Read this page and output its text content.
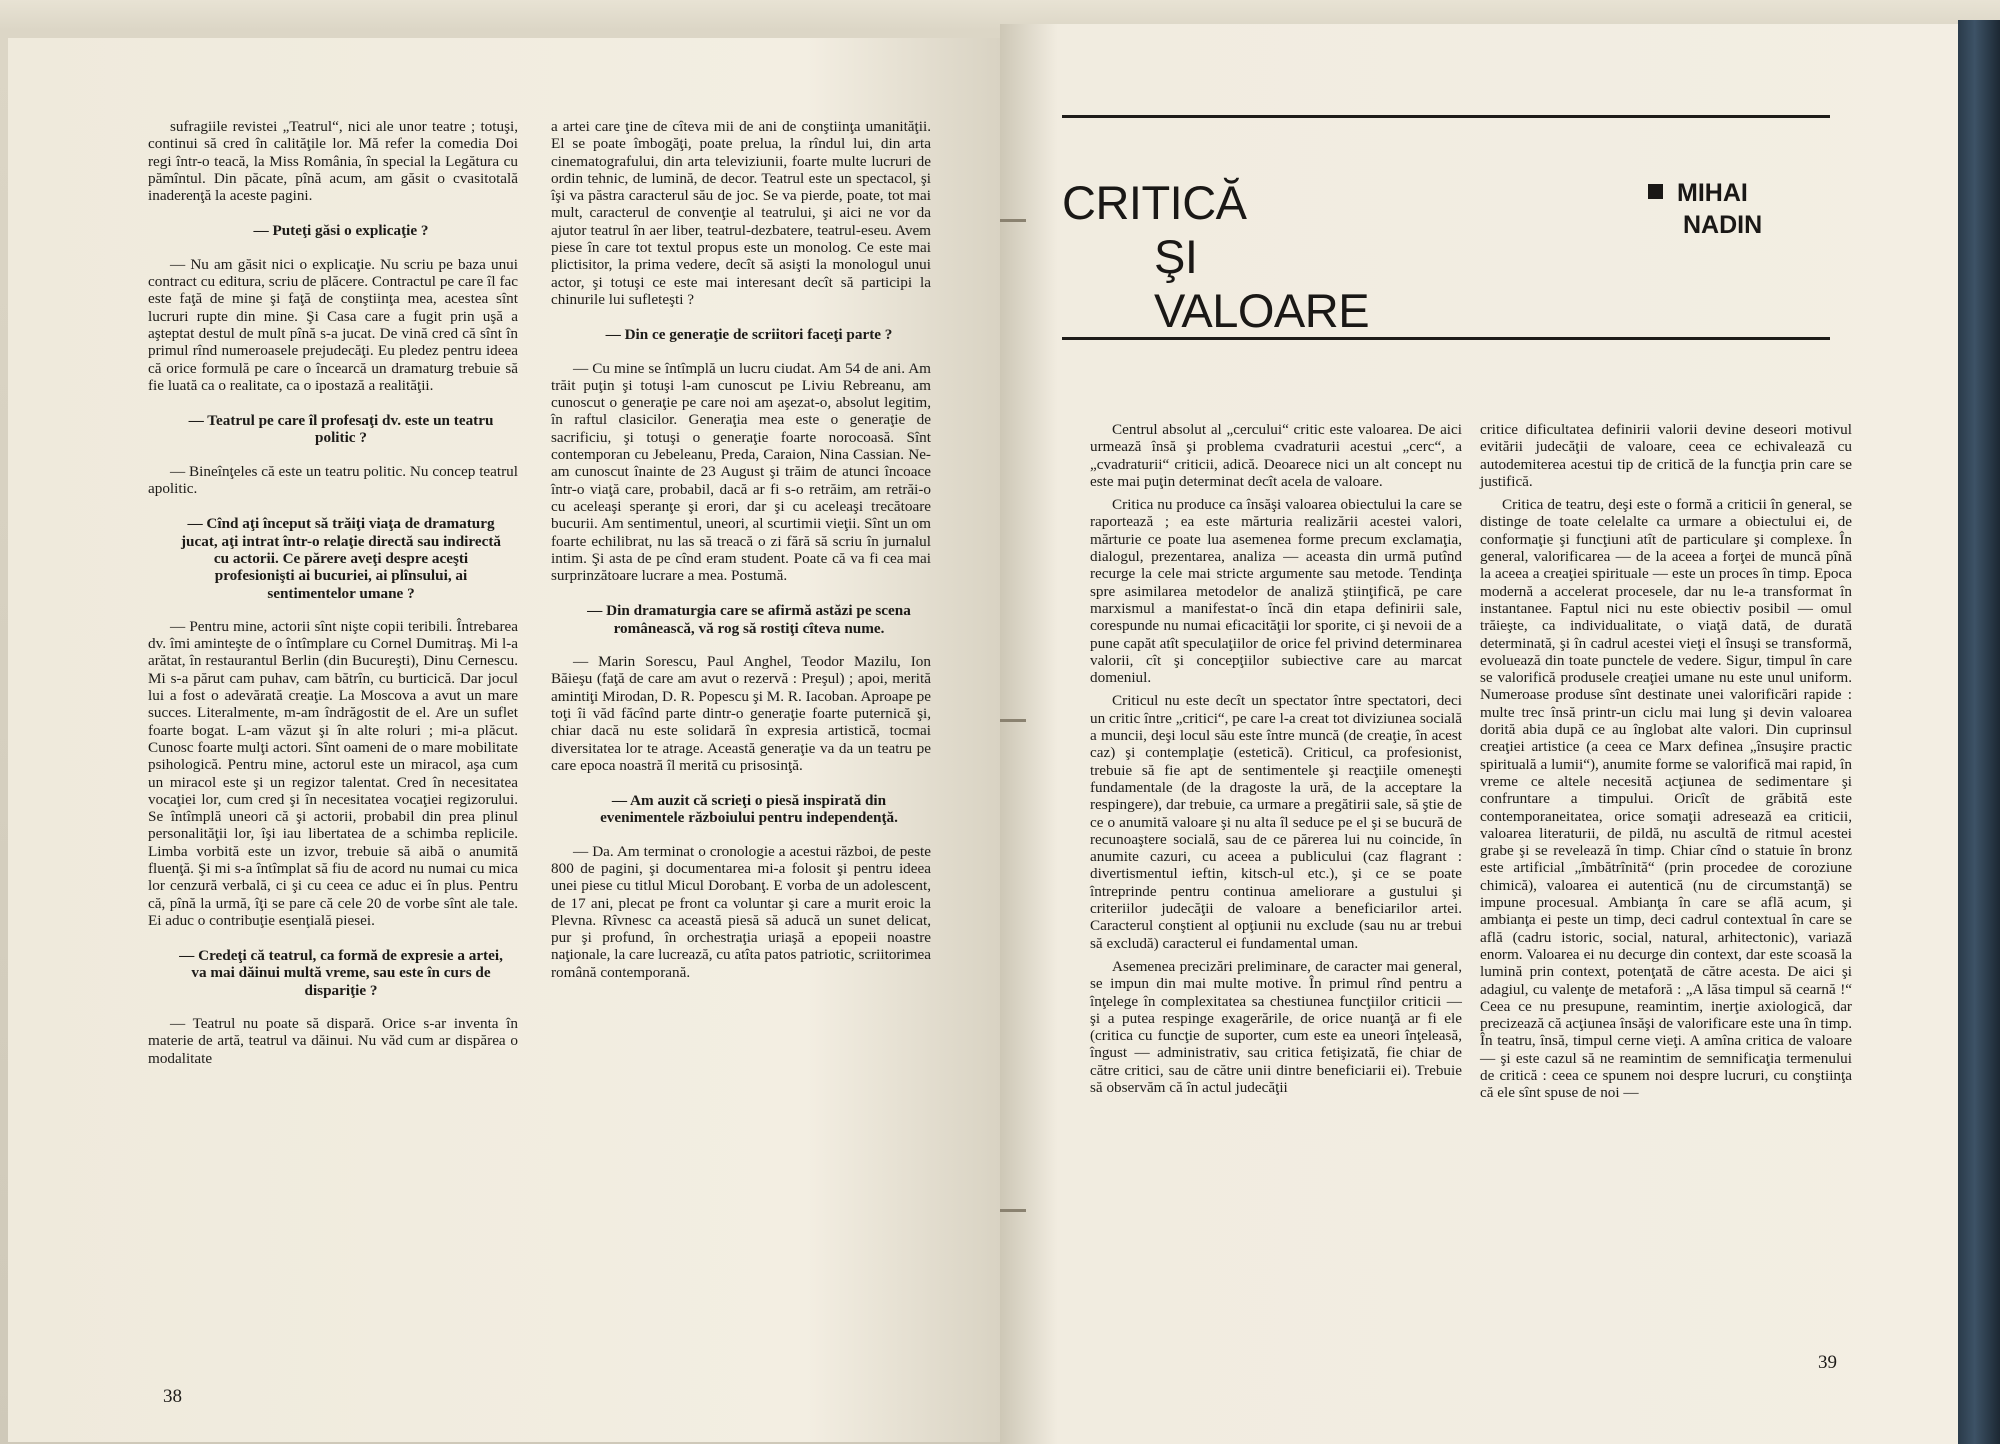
sufragiile revistei „Teatrul“, nici ale unor teatre ; totuşi, continui să cred în calităţile lor. Mă refer la comedia Doi regi într-o teacă, la Miss România, în special la Legătura cu pămîntul. Din păcate, pînă acum, am găsit o cvasitotală inaderenţă la aceste pagini.

— Puteţi găsi o explicaţie ?

— Nu am găsit nici o explicaţie. Nu scriu pe baza unui contract cu editura, scriu de plăcere. Contractul pe care îl fac este faţă de mine şi faţă de conştiinţa mea, acestea sînt lucruri rupte din mine. Şi Casa care a fugit prin uşă a aşteptat destul de mult pînă s-a jucat. De vină cred că sînt în primul rînd numeroasele prejudecăţi. Eu pledez pentru ideea că orice formulă pe care o încearcă un dramaturg trebuie să fie luată ca o realitate, ca o ipostază a realităţii.

— Teatrul pe care îl profesaţi dv. este un teatru politic ?

— Bineînţeles că este un teatru politic. Nu concep teatrul apolitic.

— Cînd aţi început să trăiţi viaţa de dramaturg jucat, aţi intrat într-o relaţie directă sau indirectă cu actorii. Ce părere aveţi despre aceşti profesionişti ai bucuriei, ai plînsului, ai sentimentelor umane ?

— Pentru mine, actorii sînt nişte copii teribili. Întrebarea dv. îmi aminteşte de o întîmplare cu Cornel Dumitraş. Mi l-a arătat, în restaurantul Berlin (din Bucureşti), Dinu Cernescu. Mi s-a părut cam puhav, cam bătrîn, cu burticică. Dar jocul lui a fost o adevărată creaţie. La Moscova a avut un mare succes. Literalmente, m-am îndrăgostit de el. Are un suflet foarte bogat. L-am văzut şi în alte roluri ; mi-a plăcut. Cunosc foarte mulţi actori. Sînt oameni de o mare mobilitate psihologică. Pentru mine, actorul este un miracol, aşa cum un miracol este şi un regizor talentat. Cred în necesitatea vocaţiei lor, cum cred şi în necesitatea vocaţiei regizorului. Se întîmplă uneori că şi actorii, probabil din prea plinul personalităţii lor, îşi iau libertatea de a schimba replicile. Limba vorbită este un izvor, trebuie să aibă o anumită fluenţă. Şi mi s-a întîmplat să fiu de acord nu numai cu mica lor cenzură verbală, ci şi cu ceea ce aduc ei în plus. Pentru că, pînă la urmă, îţi se pare că cele 20 de vorbe sînt ale tale. Ei aduc o contribuţie esenţială piesei.

— Credeţi că teatrul, ca formă de expresie a artei, va mai dăinui multă vreme, sau este în curs de dispariţie ?

— Teatrul nu poate să dispară. Orice s-ar inventa în materie de artă, teatrul va dăinui. Nu văd cum ar dispărea o modalitate

a artei care ţine de cîteva mii de ani de conştiinţa umanităţii. El se poate îmbogăţi, poate prelua, la rîndul lui, din arta cinematografului, din arta televiziunii, foarte multe lucruri de ordin tehnic, de lumină, de decor. Teatrul este un spectacol, şi îşi va păstra caracterul său de joc. Se va pierde, poate, tot mai mult, caracterul de convenţie al teatrului, şi aici ne vor da ajutor teatrul în aer liber, teatrul-dezbatere, teatrul-eseu. Avem piese în care tot textul propus este un monolog. Ce este mai plictisitor, la prima vedere, decît să asişti la monologul unui actor, şi totuşi ce este mai interesant decît să participi la chinurile lui sufleteşti ?

— Din ce generaţie de scriitori faceţi parte ?

— Cu mine se întîmplă un lucru ciudat. Am 54 de ani. Am trăit puţin şi totuşi l-am cunoscut pe Liviu Rebreanu, am cunoscut o generaţie pe care noi am aşezat-o, absolut legitim, în raftul clasicilor. Generaţia mea este o generaţie de sacrificiu, şi totuşi o generaţie foarte norocoasă. Sînt contemporan cu Jebeleanu, Preda, Caraion, Nina Cassian. Ne-am cunoscut înainte de 23 August şi trăim de atunci încoace într-o viaţă care, probabil, dacă ar fi s-o retrăim, am retrăi-o cu aceleaşi speranţe şi erori, dar şi cu aceleaşi trecătoare bucurii. Am sentimentul, uneori, al scurtimii vieţii. Sînt un om foarte echilibrat, nu las să treacă o zi fără să scriu în jurnalul intim. Şi asta de pe cînd eram student. Poate că va fi cea mai surprinzătoare lucrare a mea. Postumă.

— Din dramaturgia care se afirmă astăzi pe scena românească, vă rog să rostiţi cîteva nume.

— Marin Sorescu, Paul Anghel, Teodor Mazilu, Ion Băieşu (faţă de care am avut o rezervă : Preşul) ; apoi, merită amintiţi Mirodan, D. R. Popescu şi M. R. Iacoban. Aproape pe toţi îi văd făcînd parte dintr-o generaţie foarte puternică şi, chiar dacă nu este solidară în expresia artistică, tocmai diversitatea lor te atrage. Această generaţie va da un teatru pe care epoca noastră îl merită cu prisosinţă.

— Am auzit că scrieţi o piesă inspirată din evenimentele războiului pentru independenţă.

— Da. Am terminat o cronologie a acestui război, de peste 800 de pagini, şi documentarea mi-a folosit şi pentru ideea unei piese cu titlul Micul Dorobanţ. E vorba de un adolescent, de 17 ani, plecat pe front ca voluntar şi care a murit eroic la Plevna. Rîvnesc ca această piesă să aducă un sunet delicat, pur şi profund, în orchestraţia uriaşă a epopeii noastre naţionale, la care lucrează, cu atîta patos patriotic, scriitorimea română contemporană.

38
CRITICĂ
ŞI VALOARE
MIHAI
NADIN

Centrul absolut al „cercului“ critic este valoarea. De aici urmează însă şi problema cvadraturii acestui „cerc“, a „cvadraturii“ criticii, adică. Deoarece nici un alt concept nu este mai puţin determinat decît acela de valoare.

Critica nu produce ca însăşi valoarea obiectului la care se raportează ; ea este mărturia realizării acestei valori, mărturie ce poate lua asemenea forme precum exclamaţia, dialogul, prezentarea, analiza — aceasta din urmă putînd recurge la cele mai stricte argumente sau metode. Tendinţa spre asimilarea metodelor de analiză ştiinţifică, pe care marxismul a manifestat-o încă din etapa definirii sale, corespunde nu numai eficacităţii lor sporite, ci şi nevoii de a pune capăt atît speculaţiilor de orice fel privind determinarea valorii, cît şi concepţiilor subiective care au marcat domeniul.

Criticul nu este decît un spectator între spectatori, deci un critic între „critici“, pe care l-a creat tot diviziunea socială a muncii, deşi locul său este între muncă (de creaţie, în acest caz) şi contemplaţie (estetică). Criticul, ca profesionist, trebuie să fie apt de sentimentele şi reacţiile omeneşti fundamentale (de la dragoste la ură, de la acceptare la respingere), dar trebuie, ca urmare a pregătirii sale, să ştie de ce o anumită valoare şi nu alta îl seduce pe el şi se bucură de recunoaştere socială, sau de ce părerea lui nu coincide, în anumite cazuri, cu aceea a publicului (caz flagrant : divertismentul ieftin, kitsch-ul etc.), şi ce se poate întreprinde pentru continua ameliorare a gustului şi criteriilor judecăţii de valoare a beneficiarilor artei. Caracterul conştient al opţiunii nu exclude (sau nu ar trebui să excludă) caracterul ei fundamental uman.

Asemenea precizări preliminare, de caracter mai general, se impun din mai multe motive. În primul rînd pentru a înţelege în complexitatea sa chestiunea funcţiilor criticii — şi a putea respinge exagerările, de orice nuanţă ar fi ele (critica cu funcţie de suporter, cum este ea uneori înţeleasă, îngust — administrativ, sau critica fetişizată, fie chiar de către critici, sau de către unii dintre beneficiarii ei). Trebuie să observăm că în actul judecăţii

critice dificultatea definirii valorii devine deseori motivul evitării judecăţii de valoare, ceea ce echivalează cu autodemiterea acestui tip de critică de la funcţia prin care se justifică.

Critica de teatru, deşi este o formă a criticii în general, se distinge de toate celelalte ca urmare a obiectului ei, de conformaţie şi funcţiuni atît de particulare şi complexe. În general, valorificarea — de la aceea a forţei de muncă pînă la aceea a creaţiei spirituale — este un proces în timp. Epoca modernă a accelerat procesele, dar nu le-a transformat în instantanee. Faptul nici nu este obiectiv posibil — omul trăieşte, ca individualitate, o viaţă dată, de durată determinată, şi în cadrul acestei vieţi el însuşi se transformă, evoluează din toate punctele de vedere. Sigur, timpul în care se valorifică produsele creaţiei umane nu este unul uniform. Numeroase produse sînt destinate unei valorificări rapide : multe trec însă printr-un ciclu mai lung şi devin valoarea dorită abia după ce au înglobat alte valori. Din cuprinsul creaţiei artistice (a ceea ce Marx definea „însuşire practic spirituală a lumii“), anumite forme se valorifică mai rapid, în vreme ce altele necesită acţiunea de sedimentare şi confruntare a timpului. Oricît de grăbită este contemporaneitatea, orice somaţii adresează ea criticii, valoarea literaturii, de pildă, nu ascultă de ritmul acestei grabe şi se revelează în timp. Chiar cînd o statuie în bronz este artificial „îmbătrînită“ (prin procedee de coroziune chimică), valoarea ei autentică (nu de circumstanţă) se impune procesual. Ambianţa în care se află acum, şi ambianţa ei peste un timp, deci cadrul contextual în care se află (cadru istoric, social, natural, arhitectonic), variază enorm. Valoarea ei nu decurge din context, dar este scoasă la lumină prin context, potenţată de către acesta. De aici şi adagiul, cu valenţe de metaforă : „A lăsa timpul să cearnă !“ Ceea ce nu presupune, reamintim, inerţie axiologică, dar precizează că acţiunea însăşi de valorificare este una în timp. În teatru, însă, timpul cerne vieţi. A amîna critica de valoare — şi este cazul să ne reamintim de semnificaţia termenului de critică : ceea ce spunem noi despre lucruri, cu conştiinţa că ele sînt spuse de noi —

39
